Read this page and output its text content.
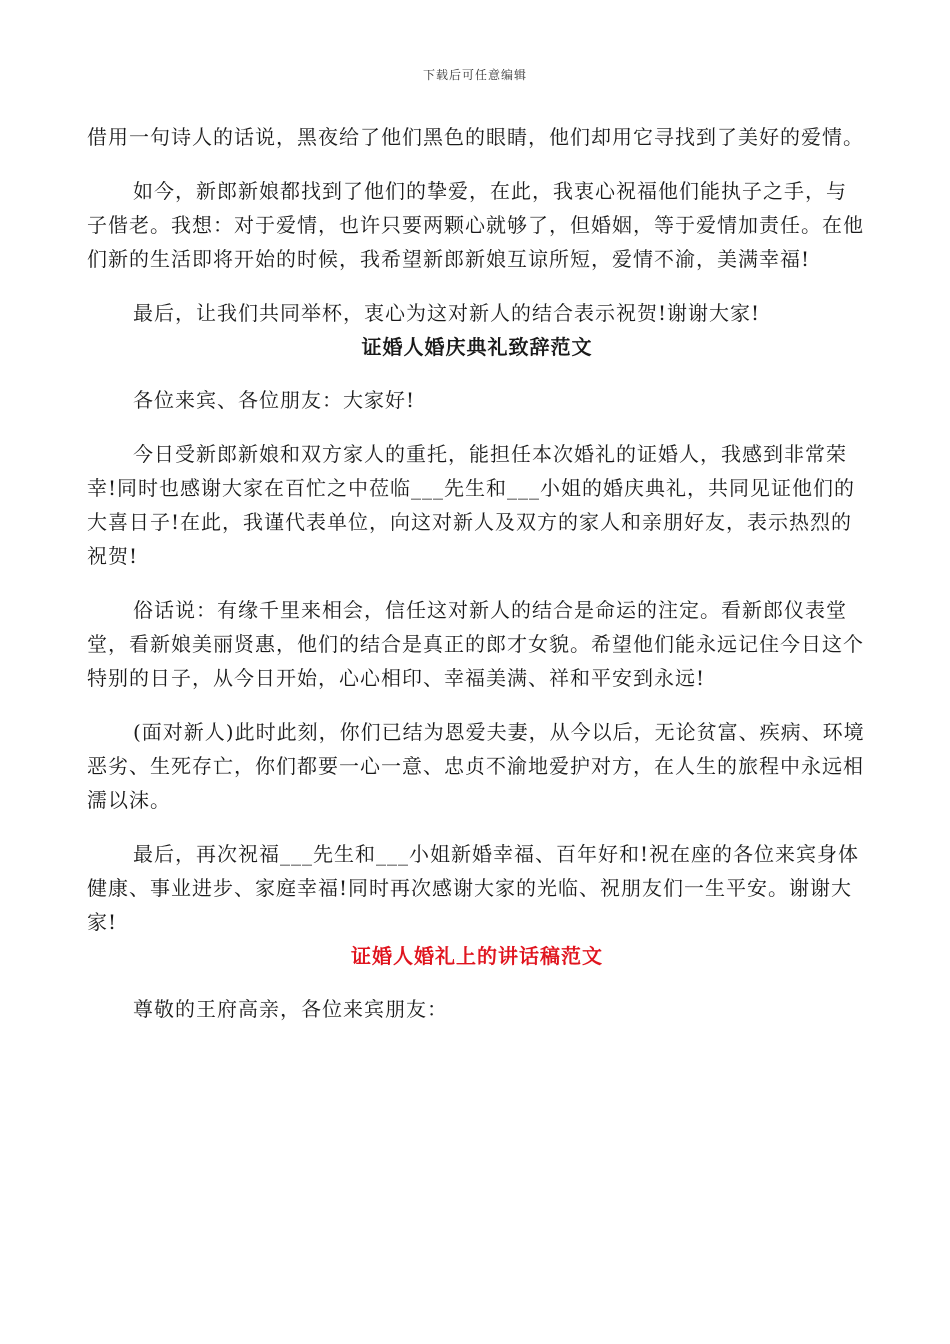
下载后可任意编辑

借用一句诗人的话说，黑夜给了他们黑色的眼睛，他们却用它寻找到了美好的爱情。

如今，新郎新娘都找到了他们的挚爱，在此，我衷心祝福他们能执子之手，与子偕老。我想：对于爱情，也许只要两颗心就够了，但婚姻，等于爱情加责任。在他们新的生活即将开始的时候，我希望新郎新娘互谅所短，爱情不渝，美满幸福!

最后，让我们共同举杯，衷心为这对新人的结合表示祝贺!谢谢大家!

证婚人婚庆典礼致辞范文

各位来宾、各位朋友：大家好!

今日受新郎新娘和双方家人的重托，能担任本次婚礼的证婚人，我感到非常荣幸!同时也感谢大家在百忙之中莅临___先生和___小姐的婚庆典礼，共同见证他们的大喜日子!在此，我谨代表单位，向这对新人及双方的家人和亲朋好友，表示热烈的祝贺!

俗话说：有缘千里来相会，信任这对新人的结合是命运的注定。看新郎仪表堂堂，看新娘美丽贤惠，他们的结合是真正的郎才女貌。希望他们能永远记住今日这个特别的日子，从今日开始，心心相印、幸福美满、祥和平安到永远!

(面对新人)此时此刻，你们已结为恩爱夫妻，从今以后，无论贫富、疾病、环境恶劣、生死存亡，你们都要一心一意、忠贞不渝地爱护对方，在人生的旅程中永远相濡以沫。

最后，再次祝福___先生和___小姐新婚幸福、百年好和!祝在座的各位来宾身体健康、事业进步、家庭幸福!同时再次感谢大家的光临、祝朋友们一生平安。谢谢大家!

证婚人婚礼上的讲话稿范文

尊敬的王府高亲，各位来宾朋友：
